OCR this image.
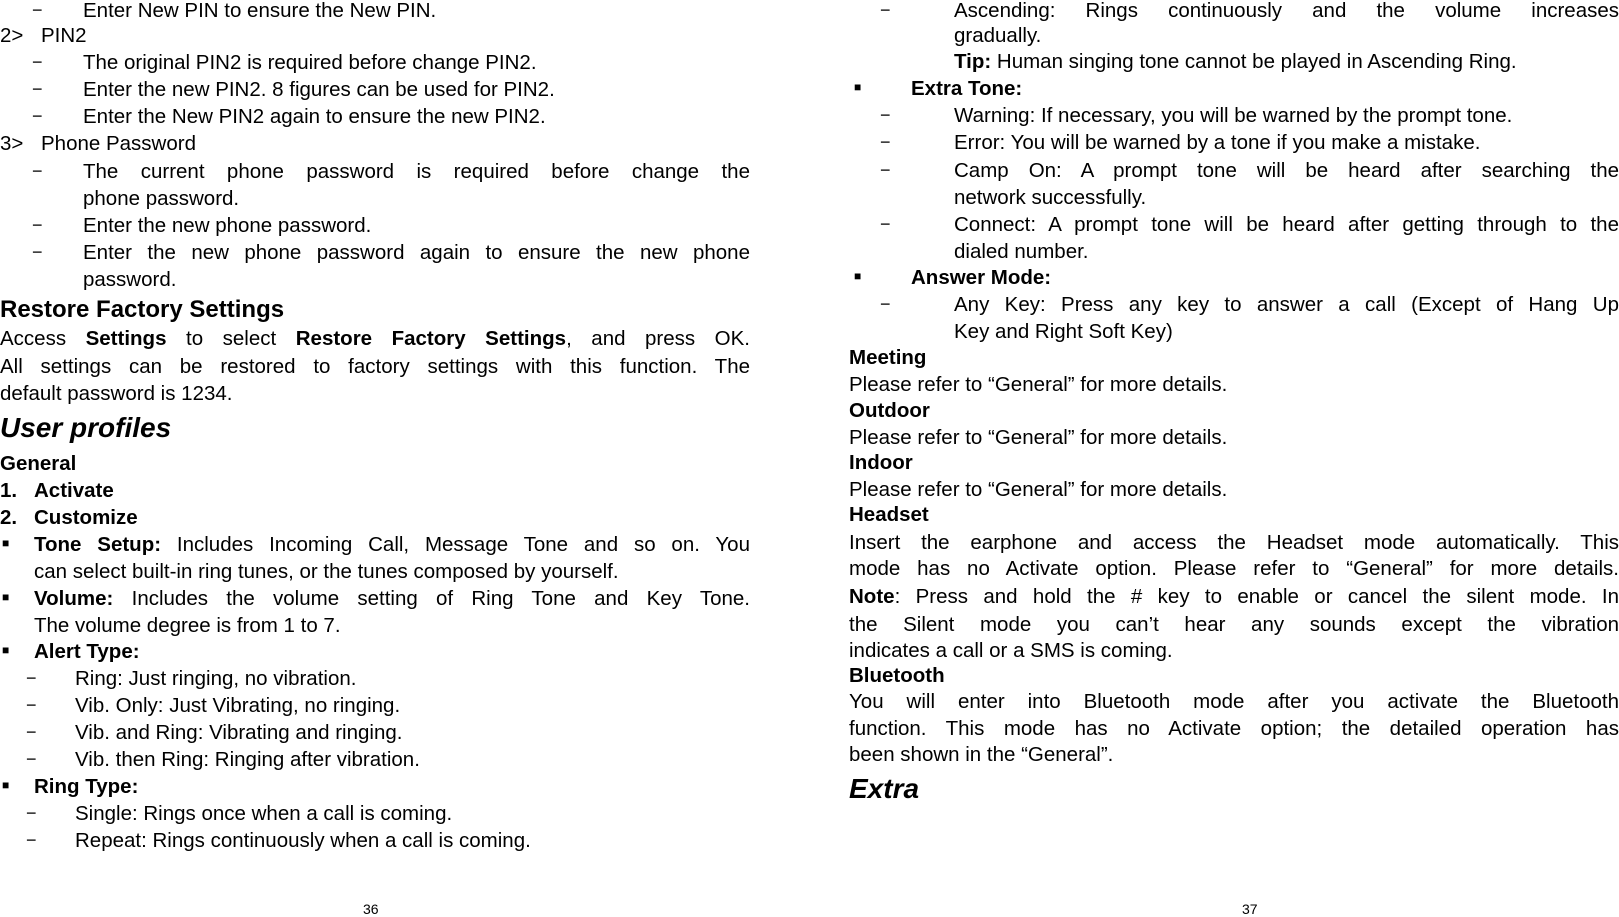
−	Enter New PIN to ensure the New PIN.
2> PIN2
−	The original PIN2 is required before change PIN2.
−	Enter the new PIN2. 8 figures can be used for PIN2.
−	Enter the New PIN2 again to ensure the new PIN2.
3> Phone Password
−	The current phone password is required before change the
phone password.
−	Enter the new phone password.
−	Enter the new phone password again to ensure the new phone
password.
Restore Factory Settings
Access Settings to select Restore Factory Settings, and press OK.
All settings can be restored to factory settings with this function. The
default password is 1234.
User profiles
General
1. Activate
2. Customize
■	Tone Setup: Includes Incoming Call, Message Tone and so on. You
can select built-in ring tunes, or the tunes composed by yourself.
■	Volume: Includes the volume setting of Ring Tone and Key Tone.
The volume degree is from 1 to 7.
■	Alert Type:
−	Ring: Just ringing, no vibration.
−	Vib. Only: Just Vibrating, no ringing.
−	Vib. and Ring: Vibrating and ringing.
−	Vib. then Ring: Ringing after vibration.
■	Ring Type:
−	Single: Rings once when a call is coming.
−	Repeat: Rings continuously when a call is coming.
36
−	Ascending: Rings continuously and the volume increases
gradually.
Tip: Human singing tone cannot be played in Ascending Ring.
■	Extra Tone:
−	Warning: If necessary, you will be warned by the prompt tone.
−	Error: You will be warned by a tone if you make a mistake.
−	Camp On: A prompt tone will be heard after searching the
network successfully.
−	Connect: A prompt tone will be heard after getting through to the
dialed number.
■	Answer Mode:
−	Any Key: Press any key to answer a call (Except of Hang Up
Key and Right Soft Key)
Meeting
Please refer to “General” for more details.
Outdoor
Please refer to “General” for more details.
Indoor
Please refer to “General” for more details.
Headset
Insert the earphone and access the Headset mode automatically. This
mode has no Activate option. Please refer to “General” for more details.
Note: Press and hold the # key to enable or cancel the silent mode. In
the Silent mode you can’t hear any sounds except the vibration
indicates a call or a SMS is coming.
Bluetooth
You will enter into Bluetooth mode after you activate the Bluetooth
function. This mode has no Activate option; the detailed operation has
been shown in the “General”.
Extra
37
